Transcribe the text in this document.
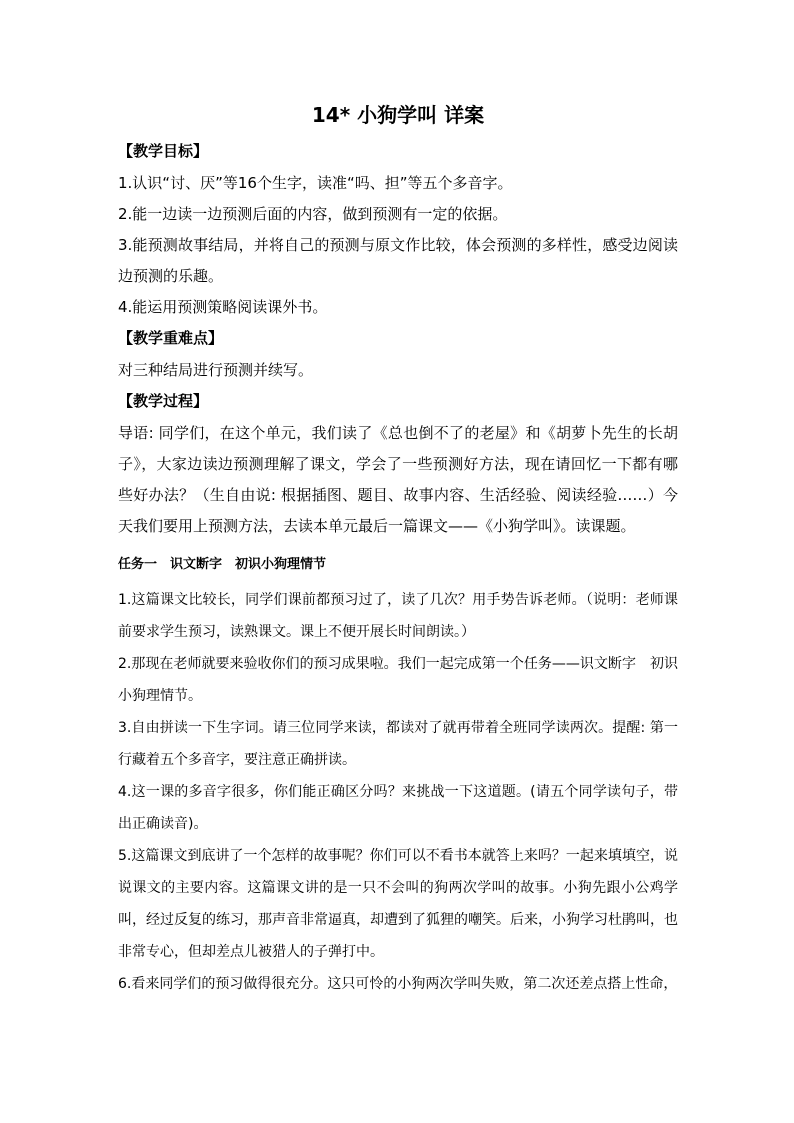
14* 小狗学叫 详案
【教学目标】

1.认识“讨、厌”等16个生字，读准“吗、担”等五个多音字。

2.能一边读一边预测后面的内容，做到预测有一定的依据。

3.能预测故事结局，并将自己的预测与原文作比较，体会预测的多样性，感受边阅读边预测的乐趣。

4.能运用预测策略阅读课外书。

【教学重难点】

对三种结局进行预测并续写。

【教学过程】

导语: 同学们，在这个单元，我们读了《总也倒不了的老屋》和《胡萝卜先生的长胡子》，大家边读边预测理解了课文，学会了一些预测好方法，现在请回忆一下都有哪些好办法？（生自由说: 根据插图、题目、故事内容、生活经验、阅读经验……）今天我们要用上预测方法，去读本单元最后一篇课文——《小狗学叫》。读课题。

任务一　识文断字　初识小狗理情节

1.这篇课文比较长，同学们课前都预习过了，读了几次？用手势告诉老师。（说明：老师课前要求学生预习，读熟课文。课上不便开展长时间朗读。）

2.那现在老师就要来验收你们的预习成果啦。我们一起完成第一个任务——识文断字　初识小狗理情节。

3.自由拼读一下生字词。请三位同学来读，都读对了就再带着全班同学读两次。提醒: 第一行藏着五个多音字，要注意正确拼读。

4.这一课的多音字很多，你们能正确区分吗？来挑战一下这道题。(请五个同学读句子，带出正确读音)。

5.这篇课文到底讲了一个怎样的故事呢？你们可以不看书本就答上来吗？一起来填填空，说说课文的主要内容。这篇课文讲的是一只不会叫的狗两次学叫的故事。小狗先跟小公鸡学叫，经过反复的练习，那声音非常逼真，却遭到了狐狸的嘲笑。后来，小狗学习杜鹃叫，也非常专心，但却差点儿被猎人的子弹打中。

6.看来同学们的预习做得很充分。这只可怜的小狗两次学叫失败，第二次还差点搭上性命，
